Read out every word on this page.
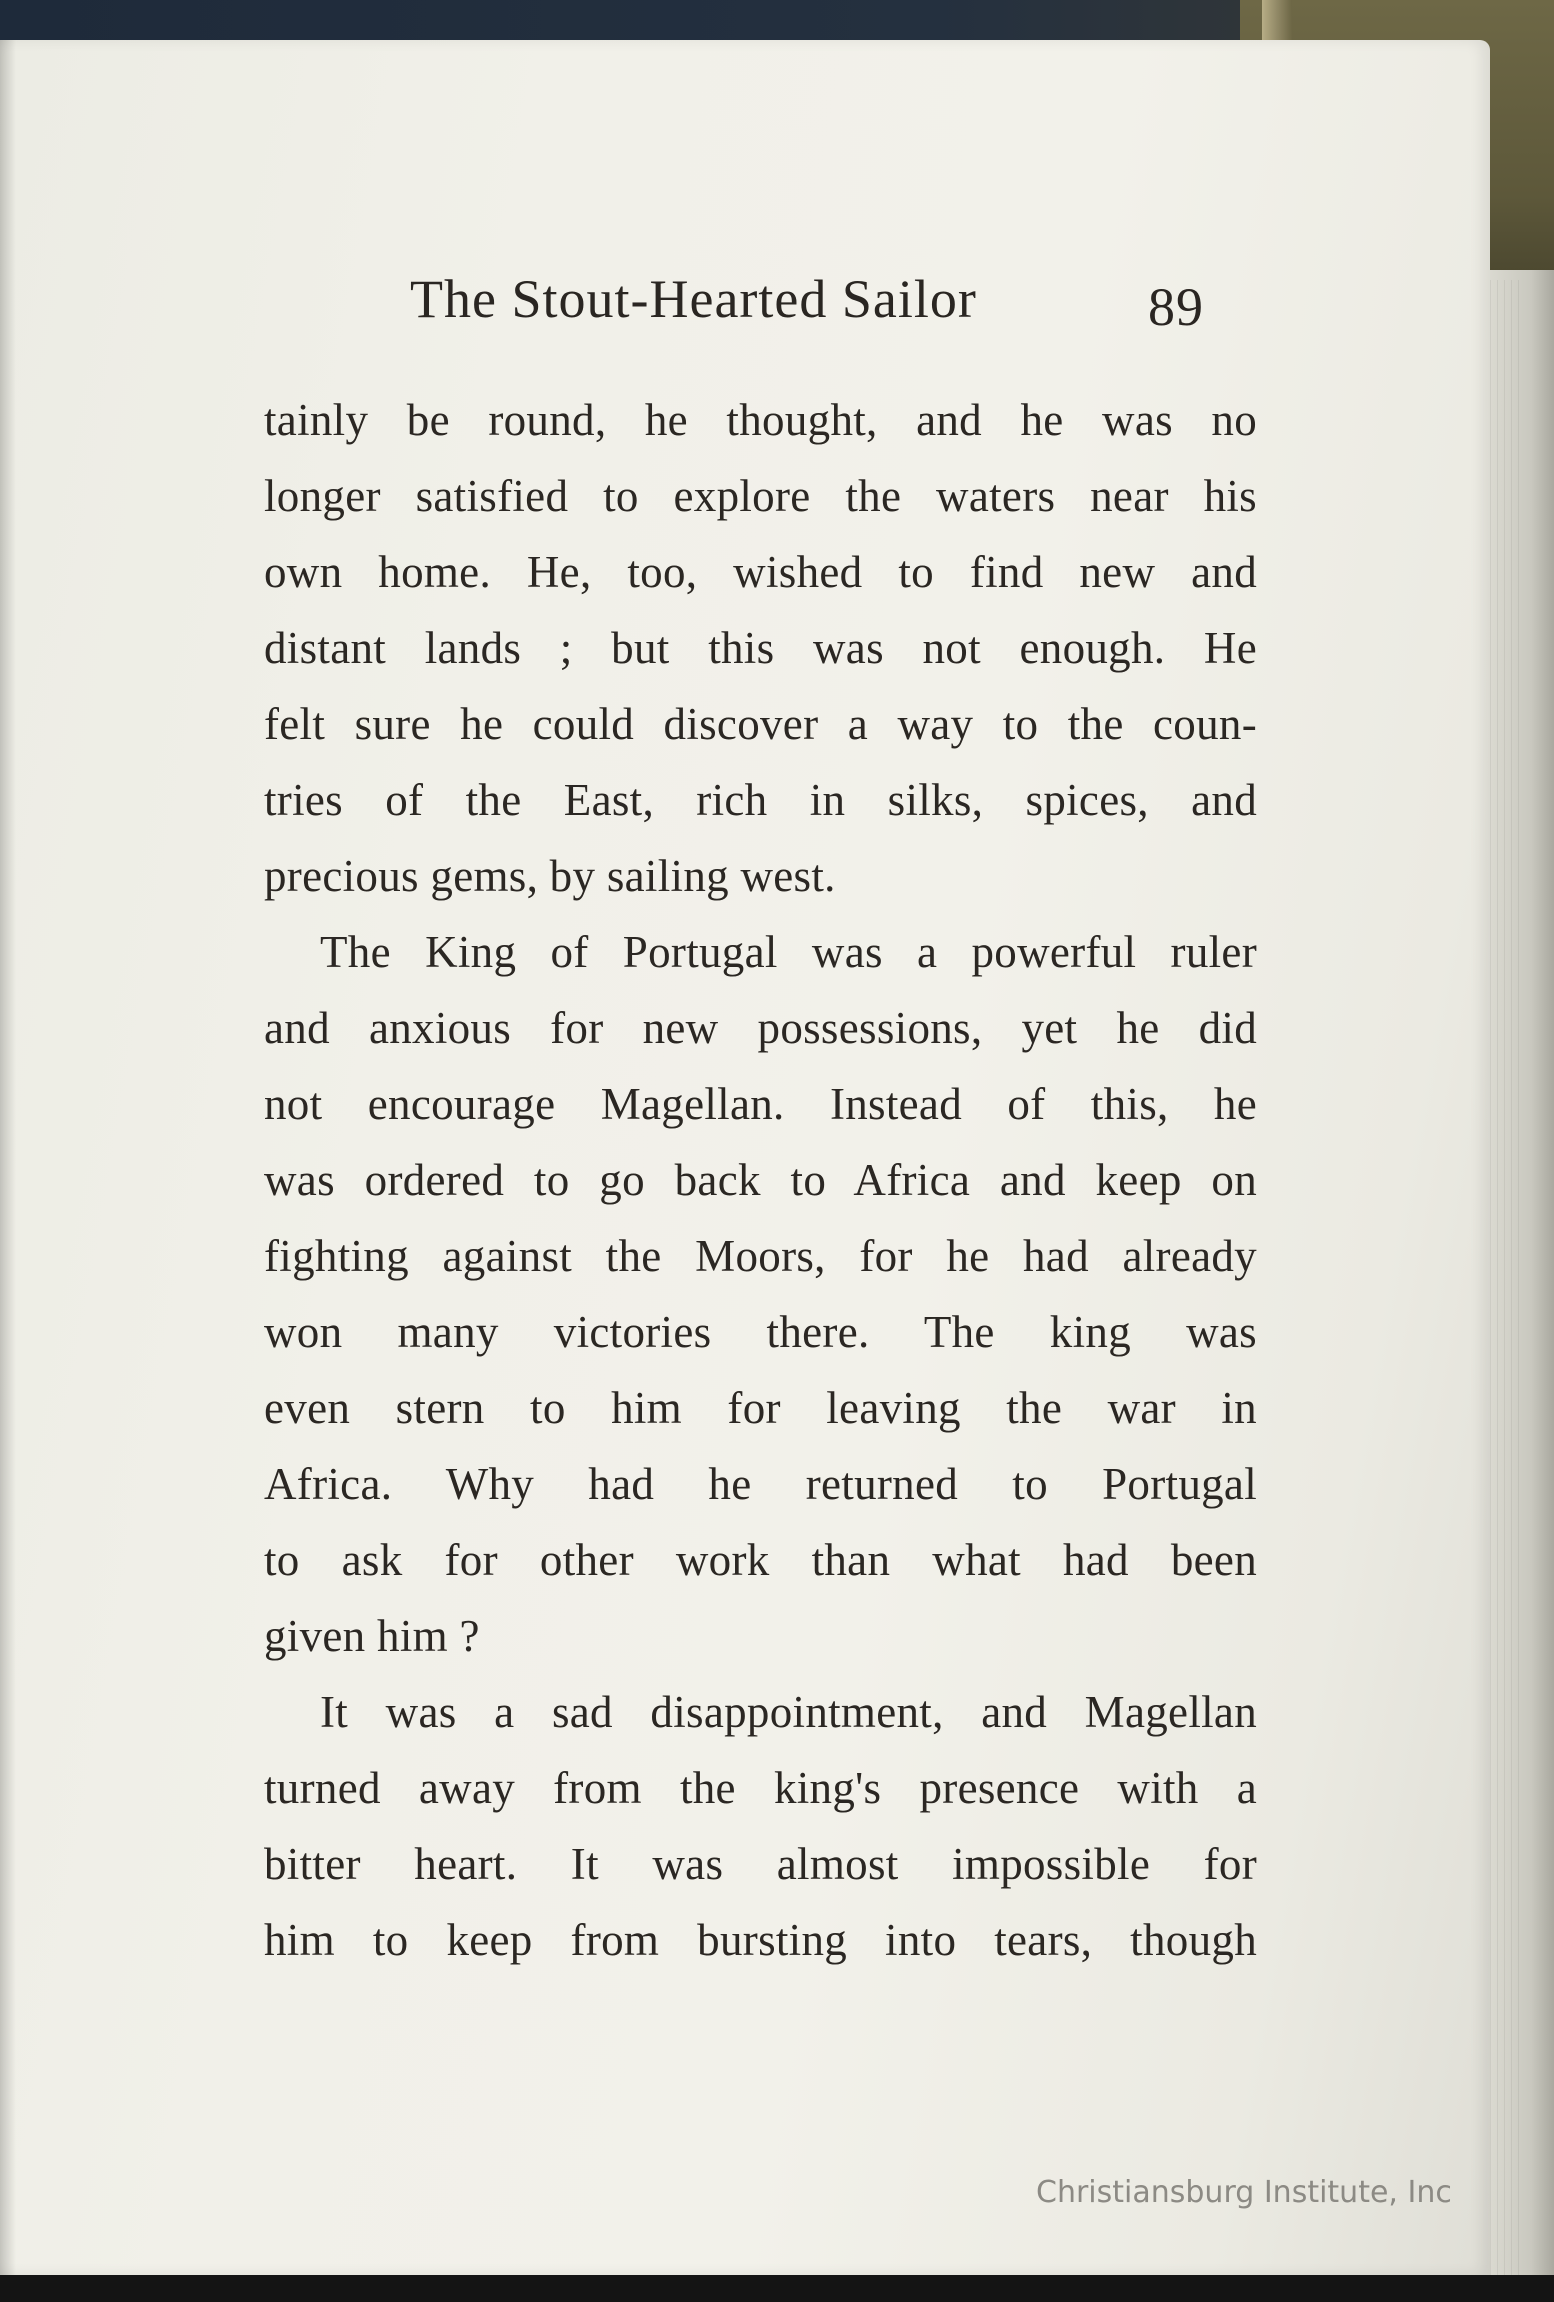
The Stout-Hearted Sailor	89
tainly be round, he thought, and he was no
longer satisfied to explore the waters near his
own home. He, too, wished to find new and
distant lands ; but this was not enough. He
felt sure he could discover a way to the coun-
tries of the East, rich in silks, spices, and
precious gems, by sailing west.
The King of Portugal was a powerful ruler
and anxious for new possessions, yet he did
not encourage Magellan. Instead of this, he
was ordered to go back to Africa and keep on
fighting against the Moors, for he had already
won many victories there. The king was
even stern to him for leaving the war in
Africa. Why had he returned to Portugal
to ask for other work than what had been
given him ?
It was a sad disappointment, and Magellan
turned away from the king's presence with a
bitter heart. It was almost impossible for
him to keep from bursting into tears, though
Christiansburg Institute, Inc
